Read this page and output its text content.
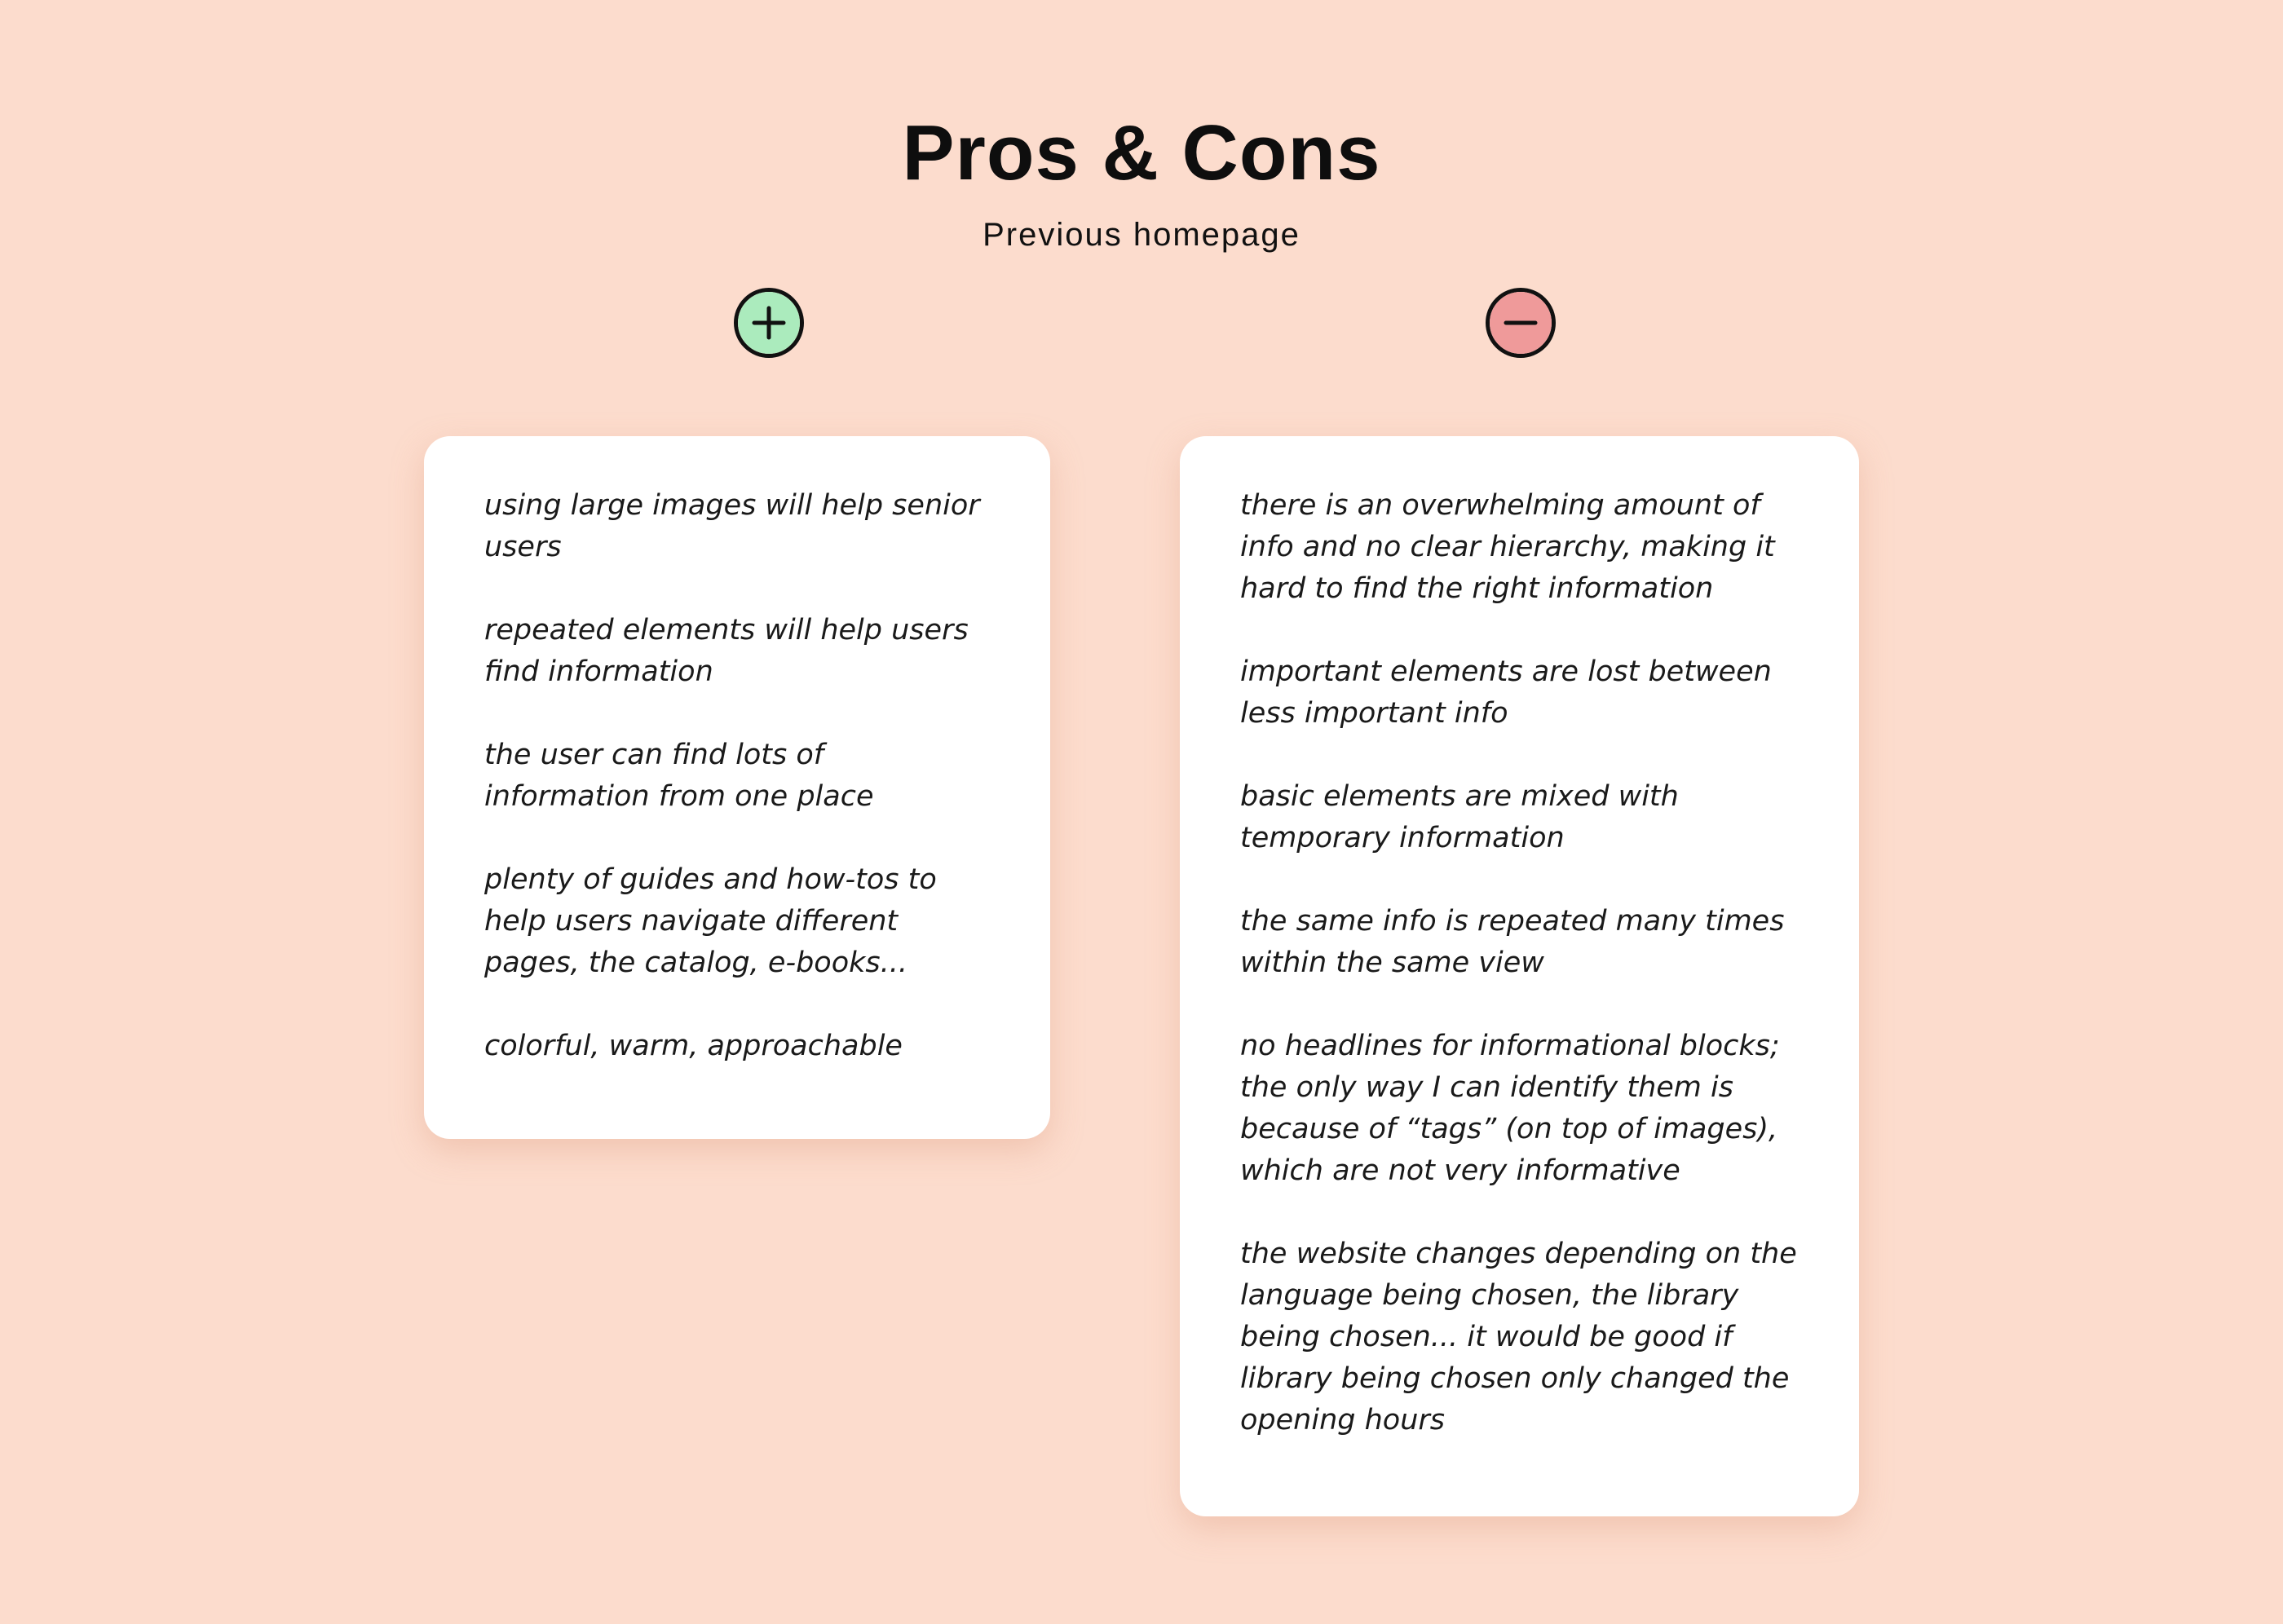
Pros & Cons

Previous homepage

using large images will help senior users
repeated elements will help users find information
the user can find lots of information from one place
plenty of guides and how-tos to help users navigate different pages, the catalog, e-books...
colorful, warm, approachable
there is an overwhelming amount of info and no clear hierarchy, making it hard to find the right information
important elements are lost between less important info
basic elements are mixed with temporary information
the same info is repeated many times within the same view
no headlines for informational blocks; the only way I can identify them is because of “tags” (on top of images), which are not very informative
the website changes depending on the language being chosen, the library being chosen... it would be good if library being chosen only changed the opening hours
